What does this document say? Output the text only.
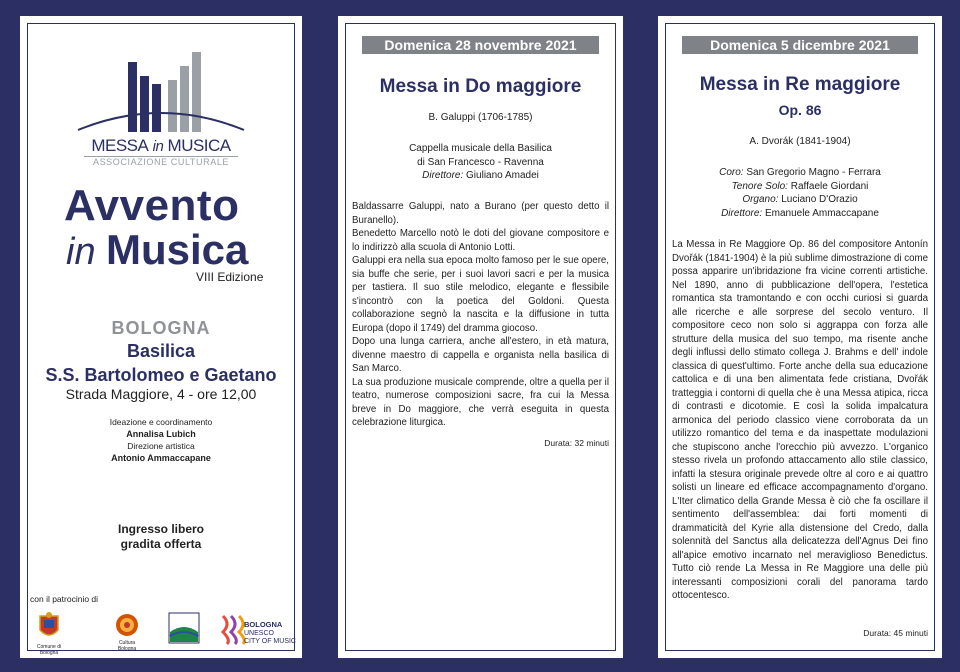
MESSA in MUSICA
ASSOCIAZIONE CULTURALE
Avvento
in Musica
VIII Edizione
BOLOGNA
Basilica
S.S. Bartolomeo e Gaetano
Strada Maggiore, 4 - ore 12,00
Ideazione e coordinamento
Annalisa Lubich
Direzione artistica
Antonio Ammaccapane
Ingresso libero
gradita offerta
con il patrocinio di
Comune di Bologna
Cultura Bologna
BOLOGNA
UNESCO
CITY OF MUSIC
Domenica 28 novembre 2021
Messa in Do maggiore
B. Galuppi (1706-1785)
Cappella musicale della Basilica
di San Francesco - Ravenna
Direttore: Giuliano Amadei
Baldassarre Galuppi, nato a Burano (per questo detto il Buranello).
Benedetto Marcello notò le doti del giovane compositore e lo indirizzò alla scuola di Antonio Lotti.
Galuppi era nella sua epoca molto famoso per le sue opere, sia buffe che serie, per i suoi lavori sacri e per la musica per tastiera. Il suo stile melodico, elegante e flessibile s'incontrò con la poetica del Goldoni. Questa collaborazione segnò la nascita e la diffusione in tutta Europa (dopo il 1749) del dramma giocoso.
Dopo una lunga carriera, anche all'estero, in età matura, divenne maestro di cappella e organista nella basilica di San Marco.
La sua produzione musicale comprende, oltre a quella per il teatro, numerose composizioni sacre, fra cui la Messa breve in Do maggiore, che verrà eseguita in questa celebrazione liturgica.
Durata: 32 minuti
Domenica 5 dicembre 2021
Messa in Re maggiore
Op. 86
A. Dvorák (1841-1904)
Coro: San Gregorio Magno - Ferrara
Tenore Solo: Raffaele Giordani
Organo: Luciano D'Orazio
Direttore: Emanuele Ammaccapane
La Messa in Re Maggiore Op. 86 del compositore Antonín Dvořák (1841-1904) è la più sublime dimostrazione di come possa apparire un'ibridazione fra vicine correnti artistiche. Nel 1890, anno di pubblicazione dell'opera, l'estetica romantica sta tramontando e con occhi curiosi si guarda alle ricerche e alle sorprese del secolo venturo. Il compositore ceco non solo si aggrappa con forza alle strutture della musica del suo tempo, ma risente anche degli influssi dello stimato collega J. Brahms e dell' indole classica di quest'ultimo. Forte anche della sua educazione cattolica e di una ben alimentata fede cristiana, Dvořák tratteggia i contorni di quella che è una Messa atipica, ricca di contrasti e dicotomie. E così la solida impalcatura armonica del periodo classico viene corroborata da un utilizzo romantico del tema e da inaspettate modulazioni che stupiscono anche l'orecchio più avvezzo. L'organico stesso rivela un profondo attaccamento allo stile classico, infatti la stesura originale prevede oltre al coro e ai quattro solisti un lineare ed efficace accompagnamento d'organo. L'Iter climatico della Grande Messa è ciò che fa oscillare il sentimento dell'assemblea: dai forti momenti di drammaticità del Kyrie alla distensione del Credo, dalla solennità del Sanctus alla delicatezza dell'Agnus Dei fino all'apice emotivo incarnato nel meraviglioso Benedictus. Tutto ciò rende La Messa in Re Maggiore una delle più interessanti composizioni corali del panorama tardo ottocentesco.
Durata: 45 minuti
